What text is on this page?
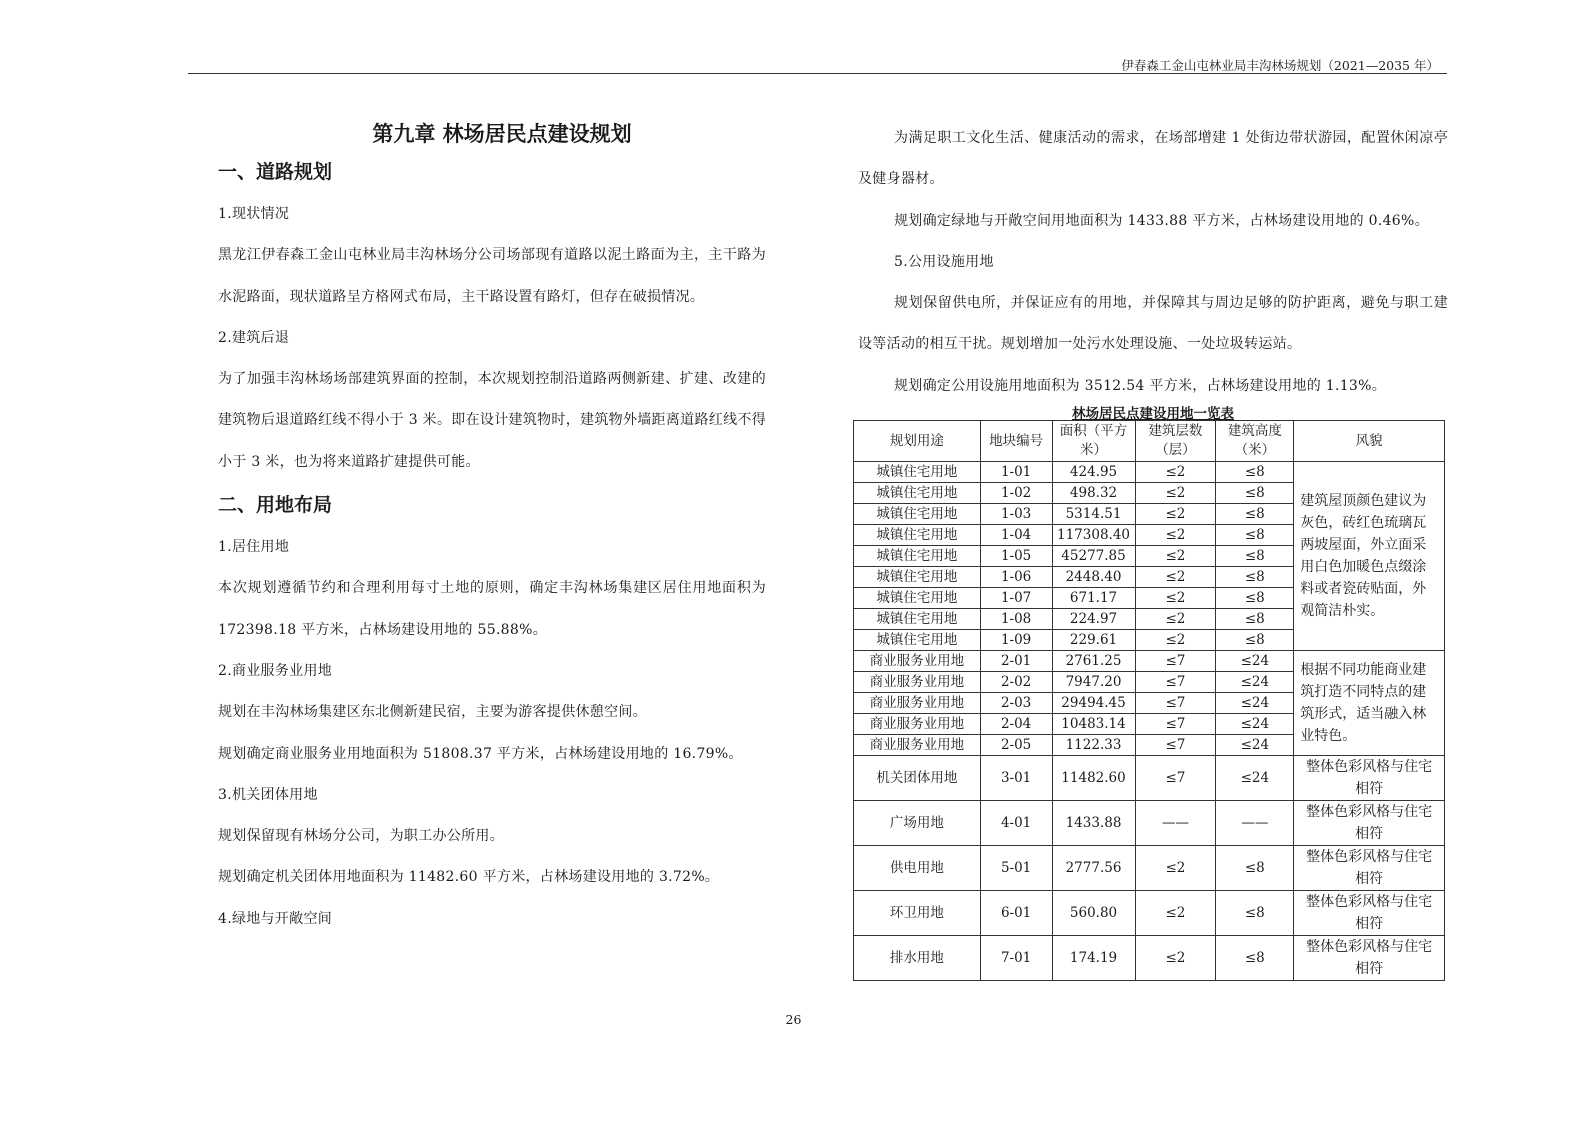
伊春森工金山屯林业局丰沟林场规划（2021—2035 年）
第九章 林场居民点建设规划
一、道路规划

1.现状情况

黑龙江伊春森工金山屯林业局丰沟林场分公司场部现有道路以泥土路面为主，主干路为水泥路面，现状道路呈方格网式布局，主干路设置有路灯，但存在破损情况。

2.建筑后退

为了加强丰沟林场场部建筑界面的控制，本次规划控制沿道路两侧新建、扩建、改建的建筑物后退道路红线不得小于 3 米。即在设计建筑物时，建筑物外墙距离道路红线不得小于 3 米，也为将来道路扩建提供可能。

二、用地布局

1.居住用地

本次规划遵循节约和合理利用每寸土地的原则，确定丰沟林场集建区居住用地面积为 172398.18 平方米，占林场建设用地的 55.88%。

2.商业服务业用地

规划在丰沟林场集建区东北侧新建民宿，主要为游客提供休憩空间。

规划确定商业服务业用地面积为 51808.37 平方米，占林场建设用地的 16.79%。

3.机关团体用地

规划保留现有林场分公司，为职工办公所用。

规划确定机关团体用地面积为 11482.60 平方米，占林场建设用地的 3.72%。

4.绿地与开敞空间

为满足职工文化生活、健康活动的需求，在场部增建 1 处街边带状游园，配置休闲凉亭及健身器材。

规划确定绿地与开敞空间用地面积为 1433.88 平方米，占林场建设用地的 0.46%。

5.公用设施用地

规划保留供电所，并保证应有的用地，并保障其与周边足够的防护距离，避免与职工建设等活动的相互干扰。规划增加一处污水处理设施、一处垃圾转运站。

规划确定公用设施用地面积为 3512.54 平方米，占林场建设用地的 1.13%。

林场居民点建设用地一览表
规划用途	地块编号	面积（平方米）	建筑层数（层）	建筑高度（米）	风貌
城镇住宅用地	1-01	424.95	≤2	≤8	建筑屋顶颜色建议为灰色，砖红色琉璃瓦两坡屋面，外立面采用白色加暖色点缀涂料或者瓷砖贴面，外观简洁朴实。
城镇住宅用地	1-02	498.32	≤2	≤8	
城镇住宅用地	1-03	5314.51	≤2	≤8	
城镇住宅用地	1-04	117308.40	≤2	≤8	
城镇住宅用地	1-05	45277.85	≤2	≤8	
城镇住宅用地	1-06	2448.40	≤2	≤8	
城镇住宅用地	1-07	671.17	≤2	≤8	
城镇住宅用地	1-08	224.97	≤2	≤8	
城镇住宅用地	1-09	229.61	≤2	≤8	
商业服务业用地	2-01	2761.25	≤7	≤24	根据不同功能商业建筑打造不同特点的建筑形式，适当融入林业特色。
商业服务业用地	2-02	7947.20	≤7	≤24	
商业服务业用地	2-03	29494.45	≤7	≤24	
商业服务业用地	2-04	10483.14	≤7	≤24	
商业服务业用地	2-05	1122.33	≤7	≤24	
机关团体用地	3-01	11482.60	≤7	≤24	整体色彩风格与住宅相符
广场用地	4-01	1433.88	——	——	整体色彩风格与住宅相符
供电用地	5-01	2777.56	≤2	≤8	整体色彩风格与住宅相符
环卫用地	6-01	560.80	≤2	≤8	整体色彩风格与住宅相符
排水用地	7-01	174.19	≤2	≤8	整体色彩风格与住宅相符
26
